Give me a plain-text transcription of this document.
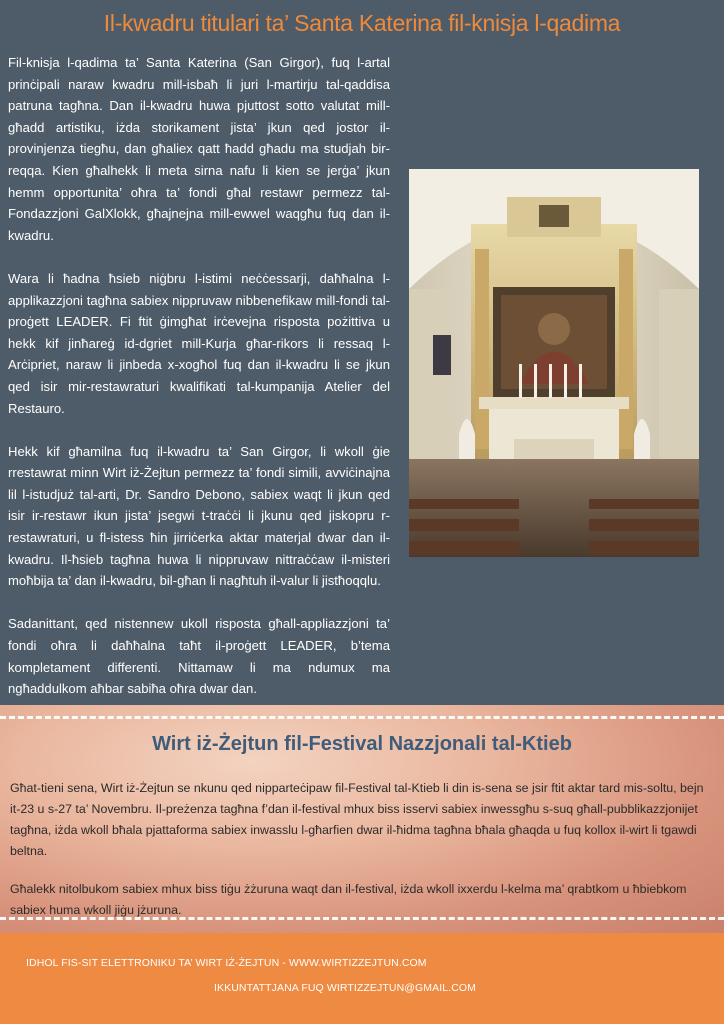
Il-kwadru titulari ta’ Santa Katerina fil-knisja l-qadima

Fil-knisja l-qadima ta’ Santa Katerina (San Girgor), fuq l-artal prinċipali naraw kwadru mill-isbaħ li juri l-martirju tal-qaddisa patruna tagħna. Dan il-kwadru huwa pjuttost sotto valutat mill-għadd artistiku, iżda storikament jista’ jkun qed jostor il-provinjenza tiegħu, dan għaliex qatt ħadd għadu ma studjah bir-reqqa. Kien għalhekk li meta sirna nafu li kien se jerġa’ jkun hemm opportunita’ oħra ta’ fondi għal restawr permezz tal-Fondazzjoni GalXlokk, għajnejna mill-ewwel waqgħu fuq dan il-kwadru.

Wara li ħadna ħsieb niġbru l-istimi neċċessarji, daħħalna l-applikazzjoni tagħna sabiex nippruvaw nibbenefikaw mill-fondi tal-proġett LEADER. Fi ftit ġimgħat irċevejna risposta pożittiva u hekk kif jinħareġ id-dgriet mill-Kurja għar-rikors li ressaq l-Arċipriet, naraw li jinbeda x-xogħol fuq dan il-kwadru li se jkun qed isir mir-restawraturi kwalifikati tal-kumpanija Atelier del Restauro.

Hekk kif għamilna fuq il-kwadru ta’ San Girgor, li wkoll ġie rrestawrat minn Wirt iż-Żejtun permezz ta’ fondi simili, avviċinajna lil l-istudjuż tal-arti, Dr. Sandro Debono, sabiex waqt li jkun qed isir ir-restawr ikun jista’ jsegwi t-traċċi li jkunu qed jiskopru r-restawraturi, u fl-istess ħin jirriċerka aktar materjal dwar dan il-kwadru. Il-ħsieb tagħna huwa li nippruvaw nittraċċaw il-misteri moħbija ta’ dan il-kwadru, bil-għan li nagħtuh il-valur li jistħoqqlu.

Sadanittant, qed nistennew ukoll risposta għall-appliazzjoni ta’ fondi oħra li daħħalna taħt il-proġett LEADER, b’tema kompletament differenti. Nittamaw li ma ndumux ma ngħaddulkom aħbar sabiħa oħra dwar dan.

Wirt iż-Żejtun fil-Festival Nazzjonali tal-Ktieb

Għat-tieni sena, Wirt iż-Żejtun se nkunu qed nipparteċipaw fil-Festival tal-Ktieb li din is-sena se jsir ftit aktar tard mis-soltu, bejn it-23 u s-27 ta’ Novembru. Il-preżenza tagħna f’dan il-festival mhux biss isservi sabiex inwessgħu s-suq għall-pubblikazzjonijet tagħna, iżda wkoll bħala pjattaforma sabiex inwasslu l-għarfien dwar il-ħidma tagħna bħala għaqda u fuq kollox il-wirt li tgawdi beltna.

Għalekk nitolbukom sabiex mhux biss tiġu żżuruna waqt dan il-festival, iżda wkoll ixxerdu l-kelma ma’ qrabtkom u ħbiebkom sabiex huma wkoll jiġu jżuruna.

IDHOL FIS-SIT ELETTRONIKU TA’ WIRT IŻ-ŻEJTUN - WWW.WIRTIZZEJTUN.COM
IKKUNTATTJANA FUQ WIRTIZZEJTUN@GMAIL.COM
